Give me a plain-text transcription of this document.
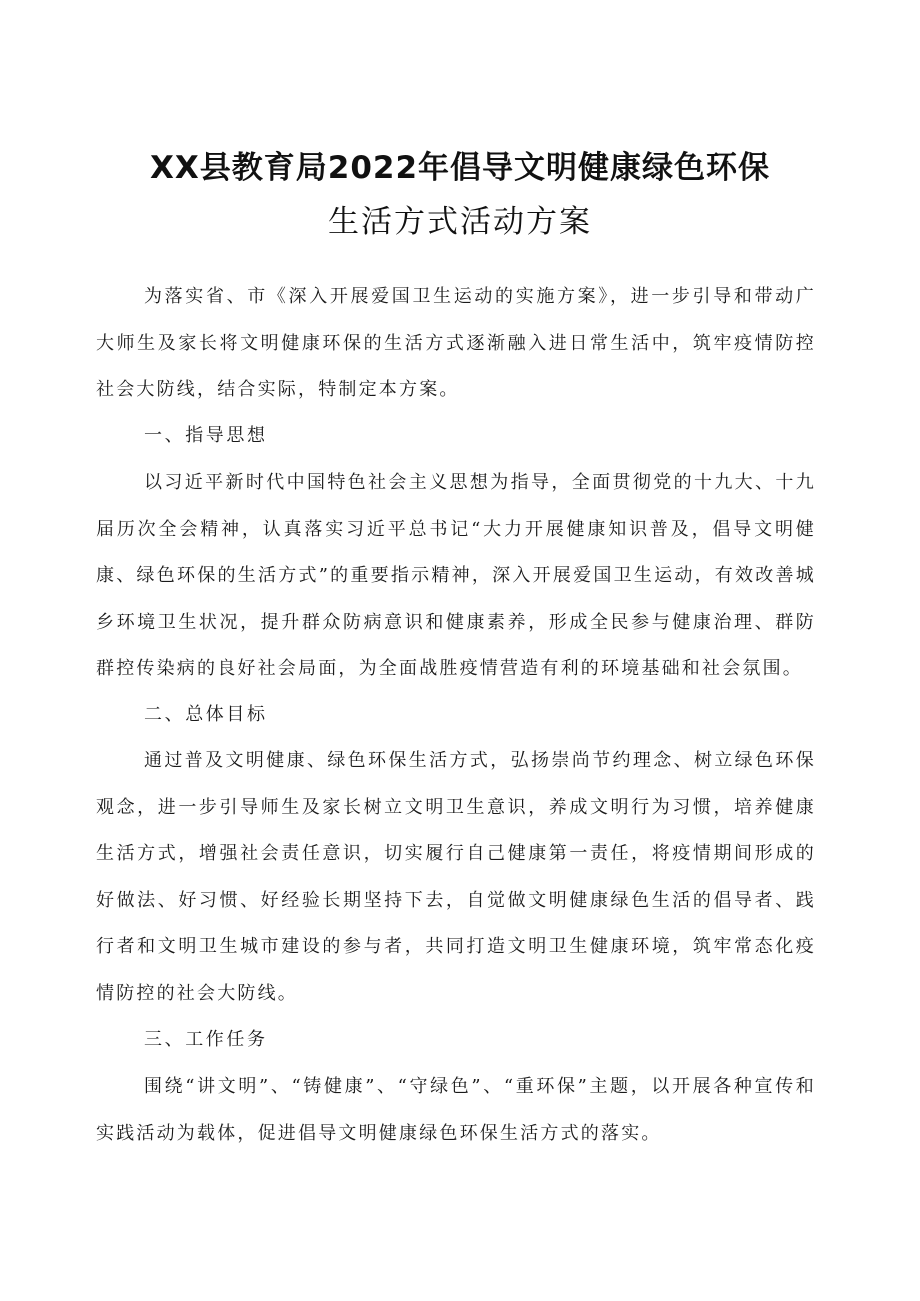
XX县教育局2022年倡导文明健康绿色环保
生活方式活动方案

为落实省、市《深入开展爱国卫生运动的实施方案》，进一步引导和带动广大师生及家长将文明健康环保的生活方式逐渐融入进日常生活中，筑牢疫情防控社会大防线，结合实际，特制定本方案。

一、指导思想

以习近平新时代中国特色社会主义思想为指导，全面贯彻党的十九大、十九届历次全会精神，认真落实习近平总书记“大力开展健康知识普及，倡导文明健康、绿色环保的生活方式”的重要指示精神，深入开展爱国卫生运动，有效改善城乡环境卫生状况，提升群众防病意识和健康素养，形成全民参与健康治理、群防群控传染病的良好社会局面，为全面战胜疫情营造有利的环境基础和社会氛围。

二、总体目标

通过普及文明健康、绿色环保生活方式，弘扬崇尚节约理念、树立绿色环保观念，进一步引导师生及家长树立文明卫生意识，养成文明行为习惯，培养健康生活方式，增强社会责任意识，切实履行自己健康第一责任，将疫情期间形成的好做法、好习惯、好经验长期坚持下去，自觉做文明健康绿色生活的倡导者、践行者和文明卫生城市建设的参与者，共同打造文明卫生健康环境，筑牢常态化疫情防控的社会大防线。

三、工作任务

围绕“讲文明”、“铸健康”、“守绿色”、“重环保”主题，以开展各种宣传和实践活动为载体，促进倡导文明健康绿色环保生活方式的落实。
